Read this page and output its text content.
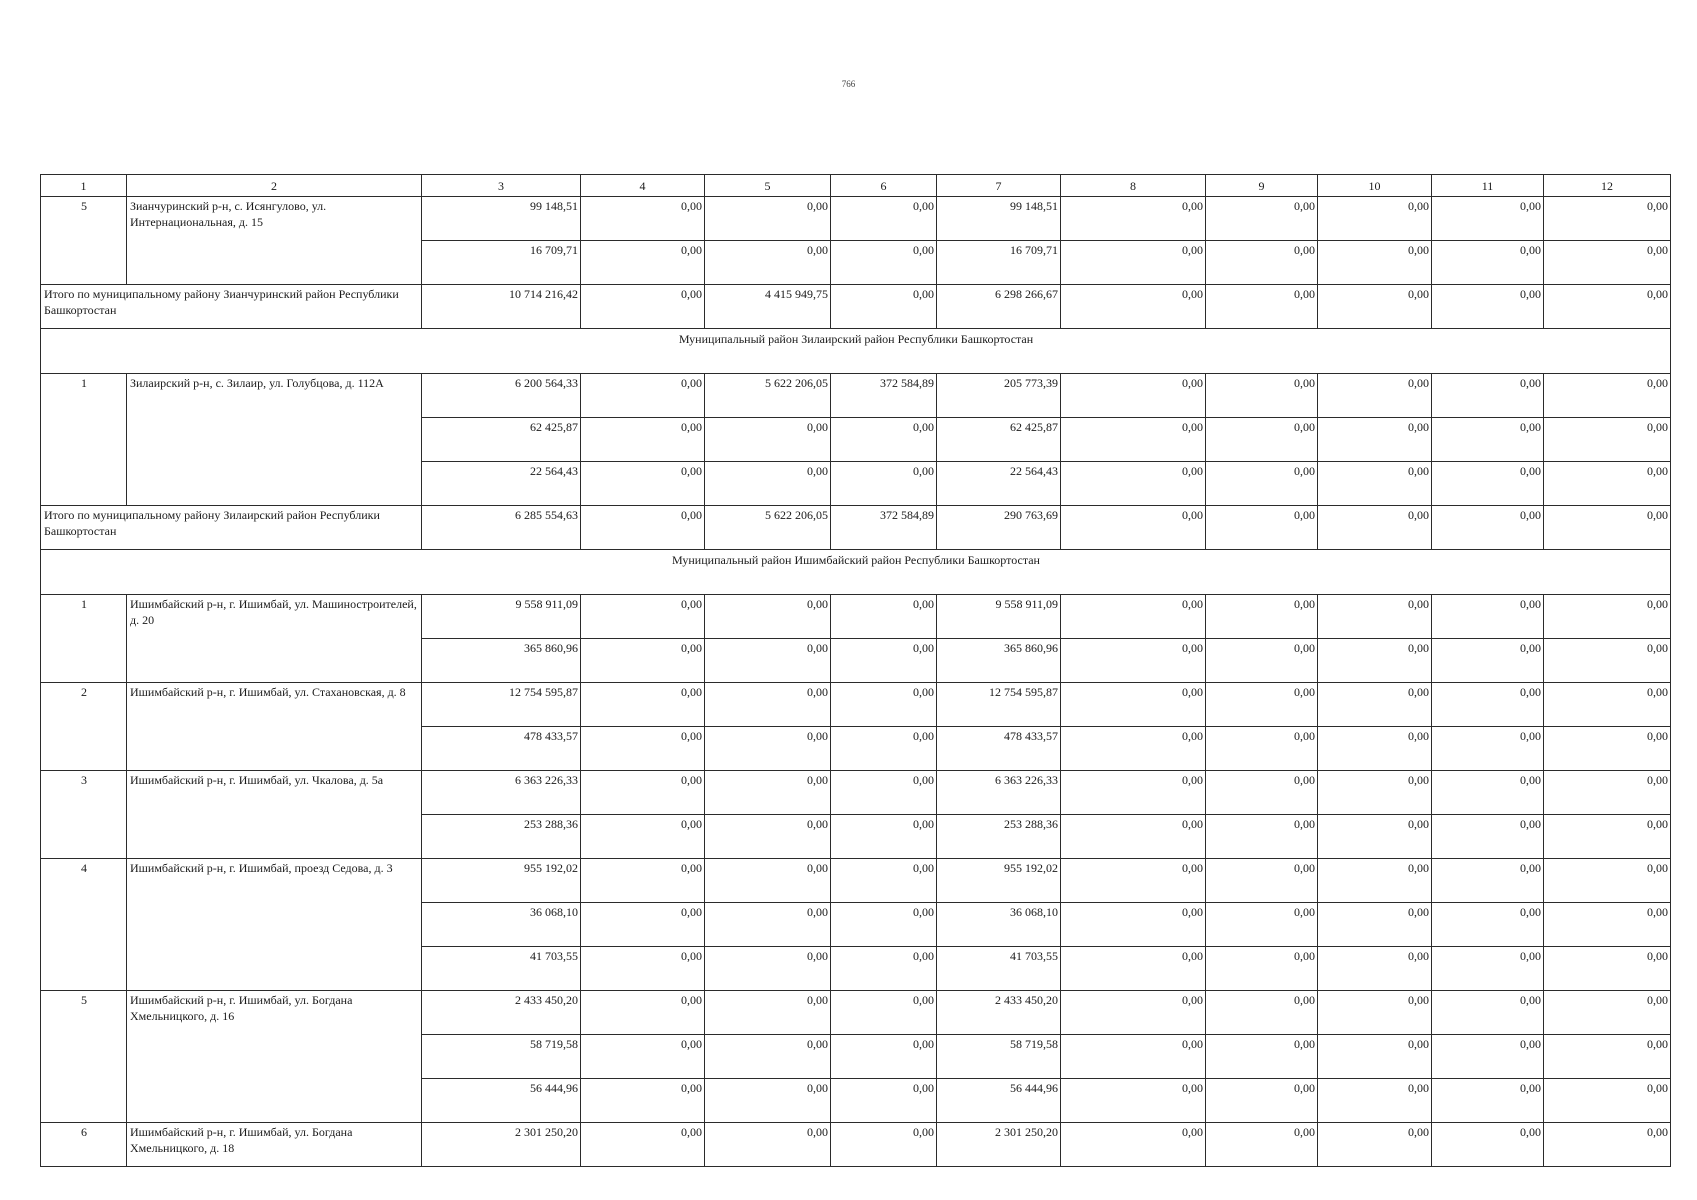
766
1	2	3	4	5	6	7	8	9	10	11	12
5	Зианчуринский р-н, с. Исянгулово, ул. Интернациональная, д. 15	99 148,51	0,00	0,00	0,00	99 148,51	0,00	0,00	0,00	0,00	0,00
		16 709,71	0,00	0,00	0,00	16 709,71	0,00	0,00	0,00	0,00	0,00
Итого по муниципальному району Зианчуринский район Республики Башкортостан		10 714 216,42	0,00	4 415 949,75	0,00	6 298 266,67	0,00	0,00	0,00	0,00	0,00
Муниципальный район Зилаирский район Республики Башкортостан											
1	Зилаирский р-н, с. Зилаир, ул. Голубцова, д. 112А	6 200 564,33	0,00	5 622 206,05	372 584,89	205 773,39	0,00	0,00	0,00	0,00	0,00
		62 425,87	0,00	0,00	0,00	62 425,87	0,00	0,00	0,00	0,00	0,00
		22 564,43	0,00	0,00	0,00	22 564,43	0,00	0,00	0,00	0,00	0,00
Итого по муниципальному району Зилаирский район Республики Башкортостан		6 285 554,63	0,00	5 622 206,05	372 584,89	290 763,69	0,00	0,00	0,00	0,00	0,00
Муниципальный район Ишимбайский район Республики Башкортостан											
1	Ишимбайский р-н, г. Ишимбай, ул. Машиностроителей, д. 20	9 558 911,09	0,00	0,00	0,00	9 558 911,09	0,00	0,00	0,00	0,00	0,00
		365 860,96	0,00	0,00	0,00	365 860,96	0,00	0,00	0,00	0,00	0,00
2	Ишимбайский р-н, г. Ишимбай, ул. Стахановская, д. 8	12 754 595,87	0,00	0,00	0,00	12 754 595,87	0,00	0,00	0,00	0,00	0,00
		478 433,57	0,00	0,00	0,00	478 433,57	0,00	0,00	0,00	0,00	0,00
3	Ишимбайский р-н, г. Ишимбай, ул. Чкалова, д. 5а	6 363 226,33	0,00	0,00	0,00	6 363 226,33	0,00	0,00	0,00	0,00	0,00
		253 288,36	0,00	0,00	0,00	253 288,36	0,00	0,00	0,00	0,00	0,00
4	Ишимбайский р-н, г. Ишимбай, проезд Седова, д. 3	955 192,02	0,00	0,00	0,00	955 192,02	0,00	0,00	0,00	0,00	0,00
		36 068,10	0,00	0,00	0,00	36 068,10	0,00	0,00	0,00	0,00	0,00
		41 703,55	0,00	0,00	0,00	41 703,55	0,00	0,00	0,00	0,00	0,00
5	Ишимбайский р-н, г. Ишимбай, ул. Богдана Хмельницкого, д. 16	2 433 450,20	0,00	0,00	0,00	2 433 450,20	0,00	0,00	0,00	0,00	0,00
		58 719,58	0,00	0,00	0,00	58 719,58	0,00	0,00	0,00	0,00	0,00
		56 444,96	0,00	0,00	0,00	56 444,96	0,00	0,00	0,00	0,00	0,00
6	Ишимбайский р-н, г. Ишимбай, ул. Богдана Хмельницкого, д. 18	2 301 250,20	0,00	0,00	0,00	2 301 250,20	0,00	0,00	0,00	0,00	0,00
